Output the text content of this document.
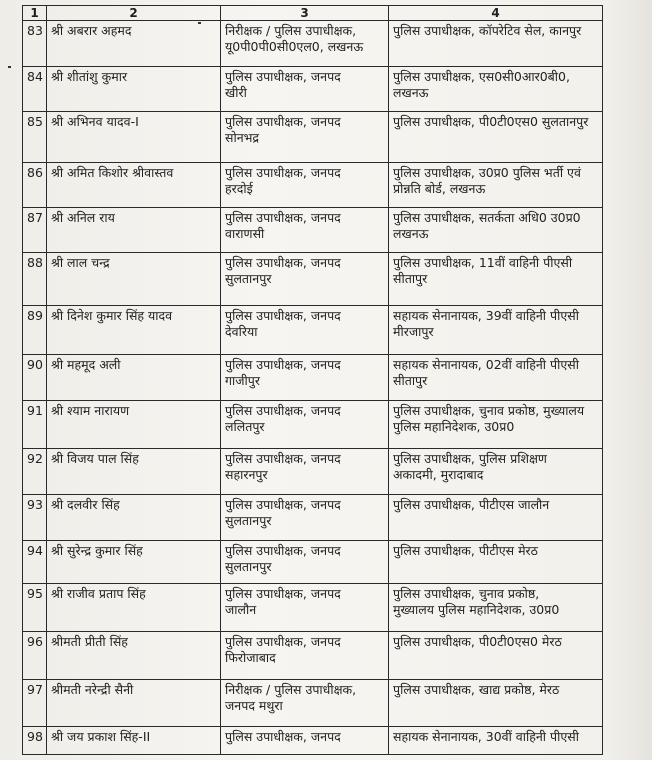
1	2	3	4
83	श्री अबरार अहमद	निरीक्षक / पुलिस उपाधीक्षक,
यू0पी0पी0सी0एल0, लखनऊ	पुलिस उपाधीक्षक, कॉपरेटिव सेल, कानपुर

84	श्री शीतांशु कुमार	पुलिस उपाधीक्षक, जनपद
खीरी	पुलिस उपाधीक्षक, एस0सी0आर0बी0,
लखनऊ

85	श्री अभिनव यादव-I	पुलिस उपाधीक्षक, जनपद
सोनभद्र	पुलिस उपाधीक्षक, पी0टी0एस0 सुलतानपुर

86	श्री अमित किशोर श्रीवास्तव	पुलिस उपाधीक्षक, जनपद
हरदोई	पुलिस उपाधीक्षक, उ0प्र0 पुलिस भर्ती एवं
प्रोन्नति बोर्ड, लखनऊ

87	श्री अनिल राय	पुलिस उपाधीक्षक, जनपद
वाराणसी	पुलिस उपाधीक्षक, सतर्कता अधि0 उ0प्र0
लखनऊ

88	श्री लाल चन्द्र	पुलिस उपाधीक्षक, जनपद
सुलतानपुर	पुलिस उपाधीक्षक, 11वीं वाहिनी पीएसी
सीतापुर

89	श्री दिनेश कुमार सिंह यादव	पुलिस उपाधीक्षक, जनपद
देवरिया	सहायक सेनानायक, 39वीं वाहिनी पीएसी
मीरजापुर

90	श्री महमूद अली	पुलिस उपाधीक्षक, जनपद
गाजीपुर	सहायक सेनानायक, 02वीं वाहिनी पीएसी
सीतापुर

91	श्री श्याम नारायण	पुलिस उपाधीक्षक, जनपद
ललितपुर	पुलिस उपाधीक्षक, चुनाव प्रकोष्ठ, मुख्यालय
पुलिस महानिदेशक, उ0प्र0

92	श्री विजय पाल सिंह	पुलिस उपाधीक्षक, जनपद
सहारनपुर	पुलिस उपाधीक्षक, पुलिस प्रशिक्षण
अकादमी, मुरादाबाद

93	श्री दलवीर सिंह	पुलिस उपाधीक्षक, जनपद
सुलतानपुर	पुलिस उपाधीक्षक, पीटीएस जालौन

94	श्री सुरेन्द्र कुमार सिंह	पुलिस उपाधीक्षक, जनपद
सुलतानपुर	पुलिस उपाधीक्षक, पीटीएस मेरठ

95	श्री राजीव प्रताप सिंह	पुलिस उपाधीक्षक, जनपद
जालौन	पुलिस उपाधीक्षक, चुनाव प्रकोष्ठ,
मुख्यालय पुलिस महानिदेशक, उ0प्र0

96	श्रीमती प्रीती सिंह	पुलिस उपाधीक्षक, जनपद
फिरोजाबाद	पुलिस उपाधीक्षक, पी0टी0एस0 मेरठ

97	श्रीमती नरेन्द्री सैनी	निरीक्षक / पुलिस उपाधीक्षक,
जनपद मथुरा	पुलिस उपाधीक्षक, खाद्य प्रकोष्ठ, मेरठ

98	श्री जय प्रकाश सिंह-II	पुलिस उपाधीक्षक, जनपद	सहायक सेनानायक, 30वीं वाहिनी पीएसी
